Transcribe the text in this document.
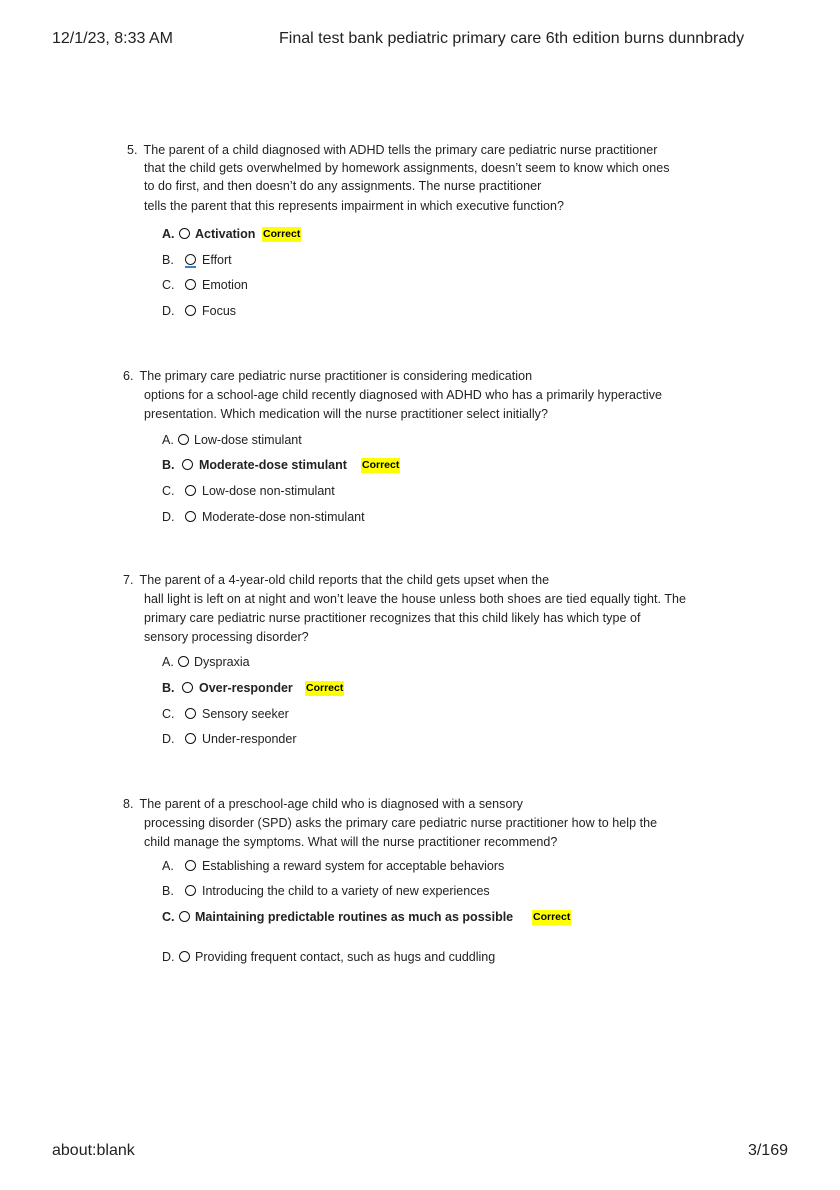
12/1/23, 8:33 AM	Final test bank pediatric primary care 6th edition burns dunnbrady
5. The parent of a child diagnosed with ADHD tells the primary care pediatric nurse practitioner
that the child gets overwhelmed by homework assignments, doesn’t seem to know which ones
to do first, and then doesn’t do any assignments. The nurse practitioner
tells the parent that this represents impairment in which executive function?
A. Activation Correct
B. Effort
C. Emotion
D. Focus
6. The primary care pediatric nurse practitioner is considering medication
options for a school-age child recently diagnosed with ADHD who has a primarily hyperactive
presentation. Which medication will the nurse practitioner select initially?
A. Low-dose stimulant
B. Moderate-dose stimulant Correct
C. Low-dose non-stimulant
D. Moderate-dose non-stimulant
7. The parent of a 4-year-old child reports that the child gets upset when the
hall light is left on at night and won’t leave the house unless both shoes are tied equally tight. The
primary care pediatric nurse practitioner recognizes that this child likely has which type of
sensory processing disorder?
A. Dyspraxia
B. Over-responder Correct
C. Sensory seeker
D. Under-responder
8. The parent of a preschool-age child who is diagnosed with a sensory
processing disorder (SPD) asks the primary care pediatric nurse practitioner how to help the
child manage the symptoms. What will the nurse practitioner recommend?
A. Establishing a reward system for acceptable behaviors
B. Introducing the child to a variety of new experiences
C. Maintaining predictable routines as much as possible Correct
D. Providing frequent contact, such as hugs and cuddling
about:blank	3/169
